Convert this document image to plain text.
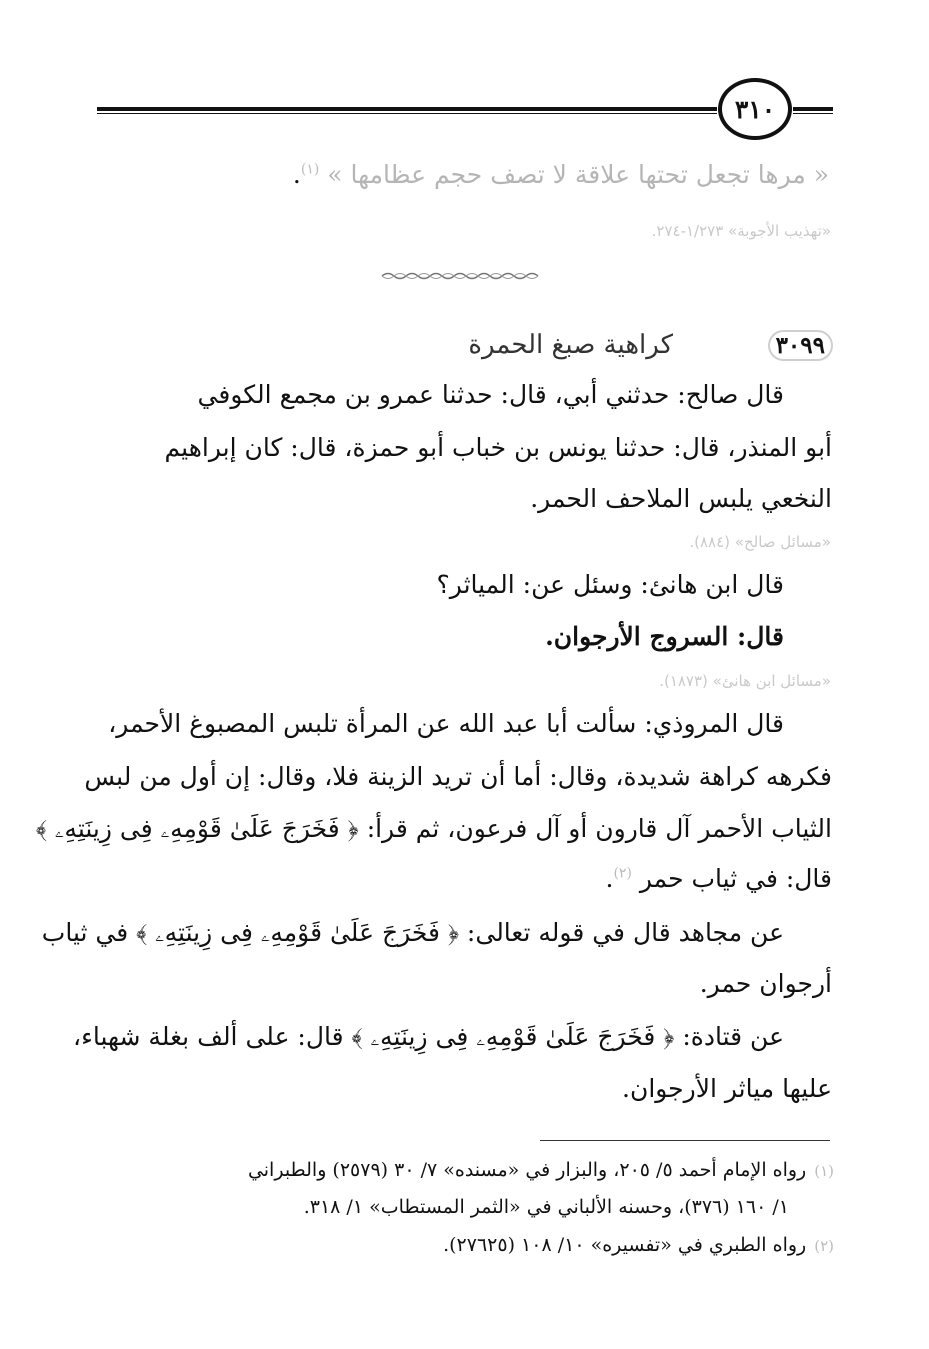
٣١٠
« مرها تجعل تحتها علاقة لا تصف حجم عظامها » $^{(١)}$.
«تهذيب الأجوبة» ١/٢٧٣-٢٧٤.
٣٠٩٩
كراهية صبغ الحمرة
قال صالح: حدثني أبي، قال: حدثنا عمرو بن مجمع الكوفي
أبو المنذر، قال: حدثنا يونس بن خباب أبو حمزة، قال: كان إبراهيم
النخعي يلبس الملاحف الحمر.
«مسائل صالح» (٨٨٤).
قال ابن هانئ: وسئل عن: المياثر؟
قال: السروج الأرجوان.
«مسائل ابن هانئ» (١٨٧٣).
قال المروذي: سألت أبا عبد الله عن المرأة تلبس المصبوغ الأحمر،
فكرهه كراهة شديدة، وقال: أما أن تريد الزينة فلا، وقال: إن أول من لبس
الثياب الأحمر آل قارون أو آل فرعون، ثم قرأ: ﴿ فَخَرَجَ عَلَىٰ قَوْمِهِۦ فِى زِينَتِهِۦ ﴾
قال: في ثياب حمر $^{(٢)}$.
عن مجاهد قال في قوله تعالى: ﴿ فَخَرَجَ عَلَىٰ قَوْمِهِۦ فِى زِينَتِهِۦ ﴾ في ثياب
أرجوان حمر.
عن قتادة: ﴿ فَخَرَجَ عَلَىٰ قَوْمِهِۦ فِى زِينَتِهِۦ ﴾ قال: على ألف بغلة شهباء،
عليها مياثر الأرجوان.
(١)رواه الإمام أحمد ٥/ ٢٠٥، والبزار في «مسنده» ٧/ ٣٠ (٢٥٧٩) والطبراني
١/ ١٦٠ (٣٧٦)، وحسنه الألباني في «الثمر المستطاب» ١/ ٣١٨.
(٢)رواه الطبري في «تفسيره» ١٠/ ١٠٨ (٢٧٦٢٥).
